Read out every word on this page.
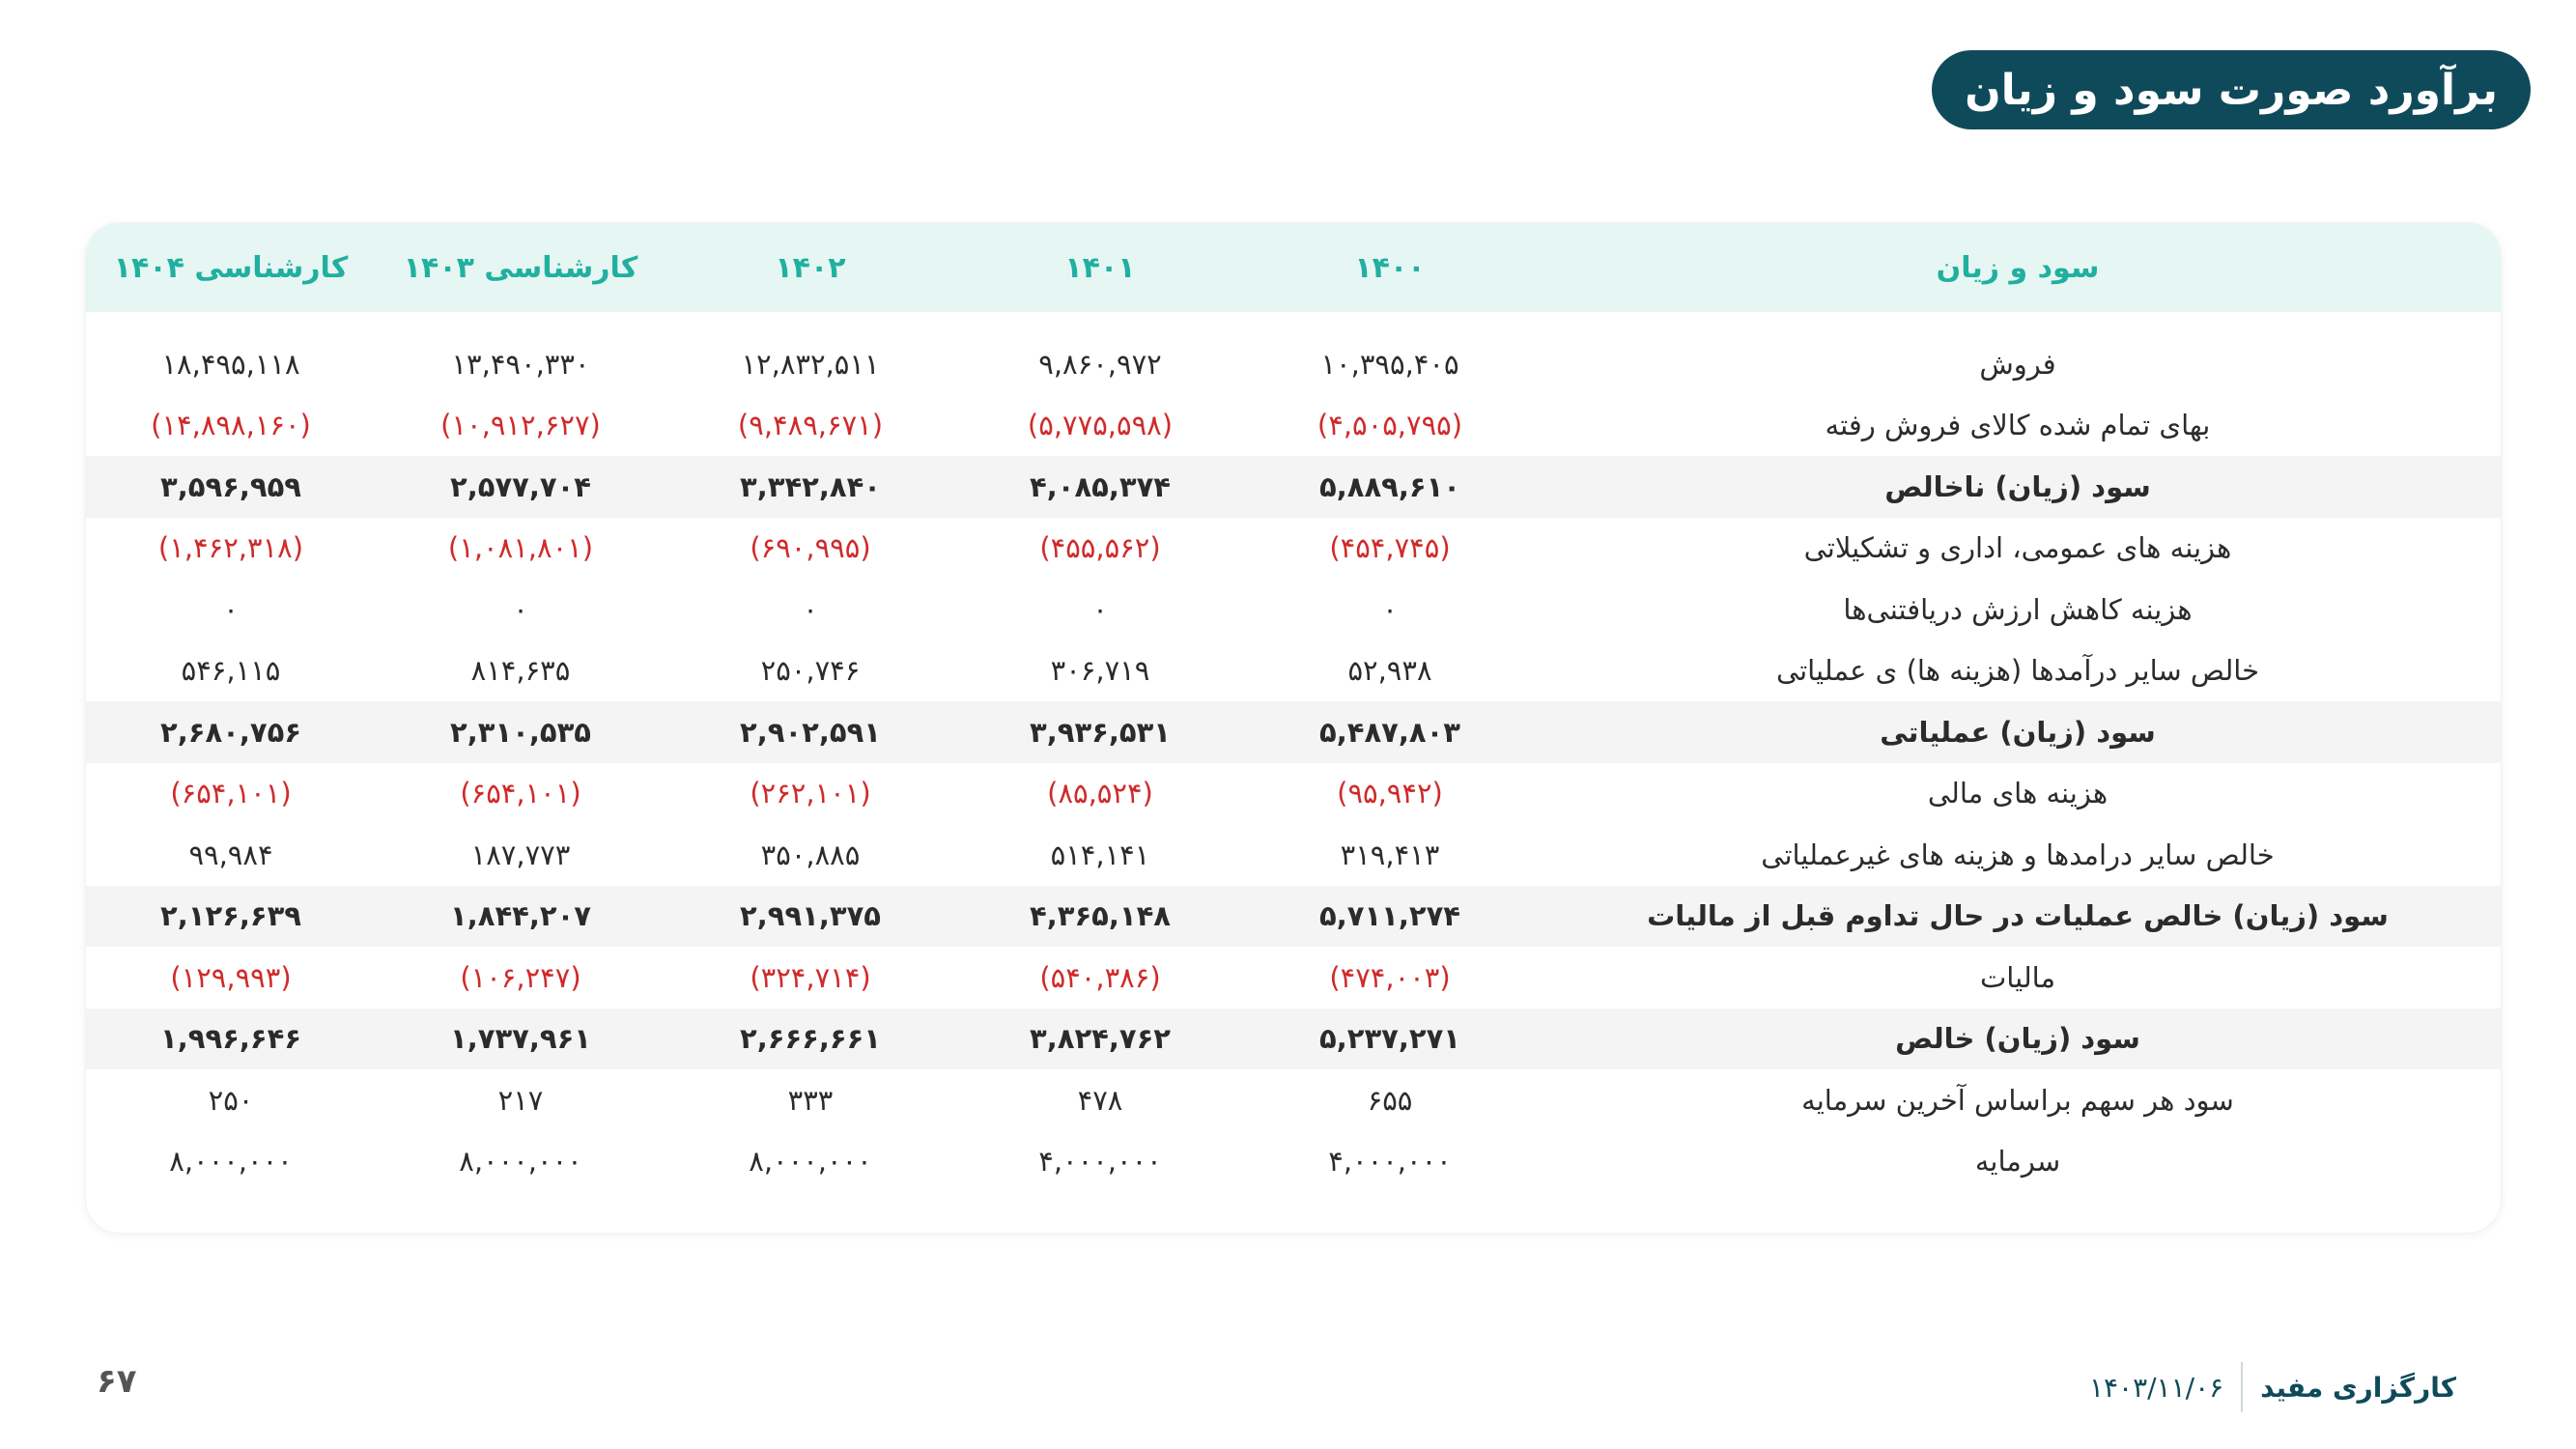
برآورد صورت سود و زیان
کارشناسی ۱۴۰۴	کارشناسی ۱۴۰۳	۱۴۰۲	۱۴۰۱	۱۴۰۰	سود و زیان

۱۸,۴۹۵,۱۱۸	۱۳,۴۹۰,۳۳۰	۱۲,۸۳۲,۵۱۱	۹,۸۶۰,۹۷۲	۱۰,۳۹۵,۴۰۵	فروش
(۱۴,۸۹۸,۱۶۰)	(۱۰,۹۱۲,۶۲۷)	(۹,۴۸۹,۶۷۱)	(۵,۷۷۵,۵۹۸)	(۴,۵۰۵,۷۹۵)	بهای تمام شده کالای فروش رفته
۳,۵۹۶,۹۵۹	۲,۵۷۷,۷۰۴	۳,۳۴۲,۸۴۰	۴,۰۸۵,۳۷۴	۵,۸۸۹,۶۱۰	سود (زیان) ناخالص
(۱,۴۶۲,۳۱۸)	(۱,۰۸۱,۸۰۱)	(۶۹۰,۹۹۵)	(۴۵۵,۵۶۲)	(۴۵۴,۷۴۵)	هزینه های عمومی، اداری و تشکیلاتی
۰	۰	۰	۰	۰	هزینه کاهش ارزش دریافتنی‌ها
۵۴۶,۱۱۵	۸۱۴,۶۳۵	۲۵۰,۷۴۶	۳۰۶,۷۱۹	۵۲,۹۳۸	خالص سایر درآمدها (هزینه ها) ی عملیاتی
۲,۶۸۰,۷۵۶	۲,۳۱۰,۵۳۵	۲,۹۰۲,۵۹۱	۳,۹۳۶,۵۳۱	۵,۴۸۷,۸۰۳	سود (زیان) عملیاتی
(۶۵۴,۱۰۱)	(۶۵۴,۱۰۱)	(۲۶۲,۱۰۱)	(۸۵,۵۲۴)	(۹۵,۹۴۲)	هزینه های مالی
۹۹,۹۸۴	۱۸۷,۷۷۳	۳۵۰,۸۸۵	۵۱۴,۱۴۱	۳۱۹,۴۱۳	خالص سایر درامدها و هزینه های غیرعملیاتی
۲,۱۲۶,۶۳۹	۱,۸۴۴,۲۰۷	۲,۹۹۱,۳۷۵	۴,۳۶۵,۱۴۸	۵,۷۱۱,۲۷۴	سود (زیان) خالص عملیات در حال تداوم قبل از مالیات
(۱۲۹,۹۹۳)	(۱۰۶,۲۴۷)	(۳۲۴,۷۱۴)	(۵۴۰,۳۸۶)	(۴۷۴,۰۰۳)	مالیات
۱,۹۹۶,۶۴۶	۱,۷۳۷,۹۶۱	۲,۶۶۶,۶۶۱	۳,۸۲۴,۷۶۲	۵,۲۳۷,۲۷۱	سود (زیان) خالص
۲۵۰	۲۱۷	۳۳۳	۴۷۸	۶۵۵	سود هر سهم براساس آخرین سرمایه
۸,۰۰۰,۰۰۰	۸,۰۰۰,۰۰۰	۸,۰۰۰,۰۰۰	۴,۰۰۰,۰۰۰	۴,۰۰۰,۰۰۰	سرمایه
۶۷	کارگزاری مفید
۱۴۰۳/۱۱/۰۶
